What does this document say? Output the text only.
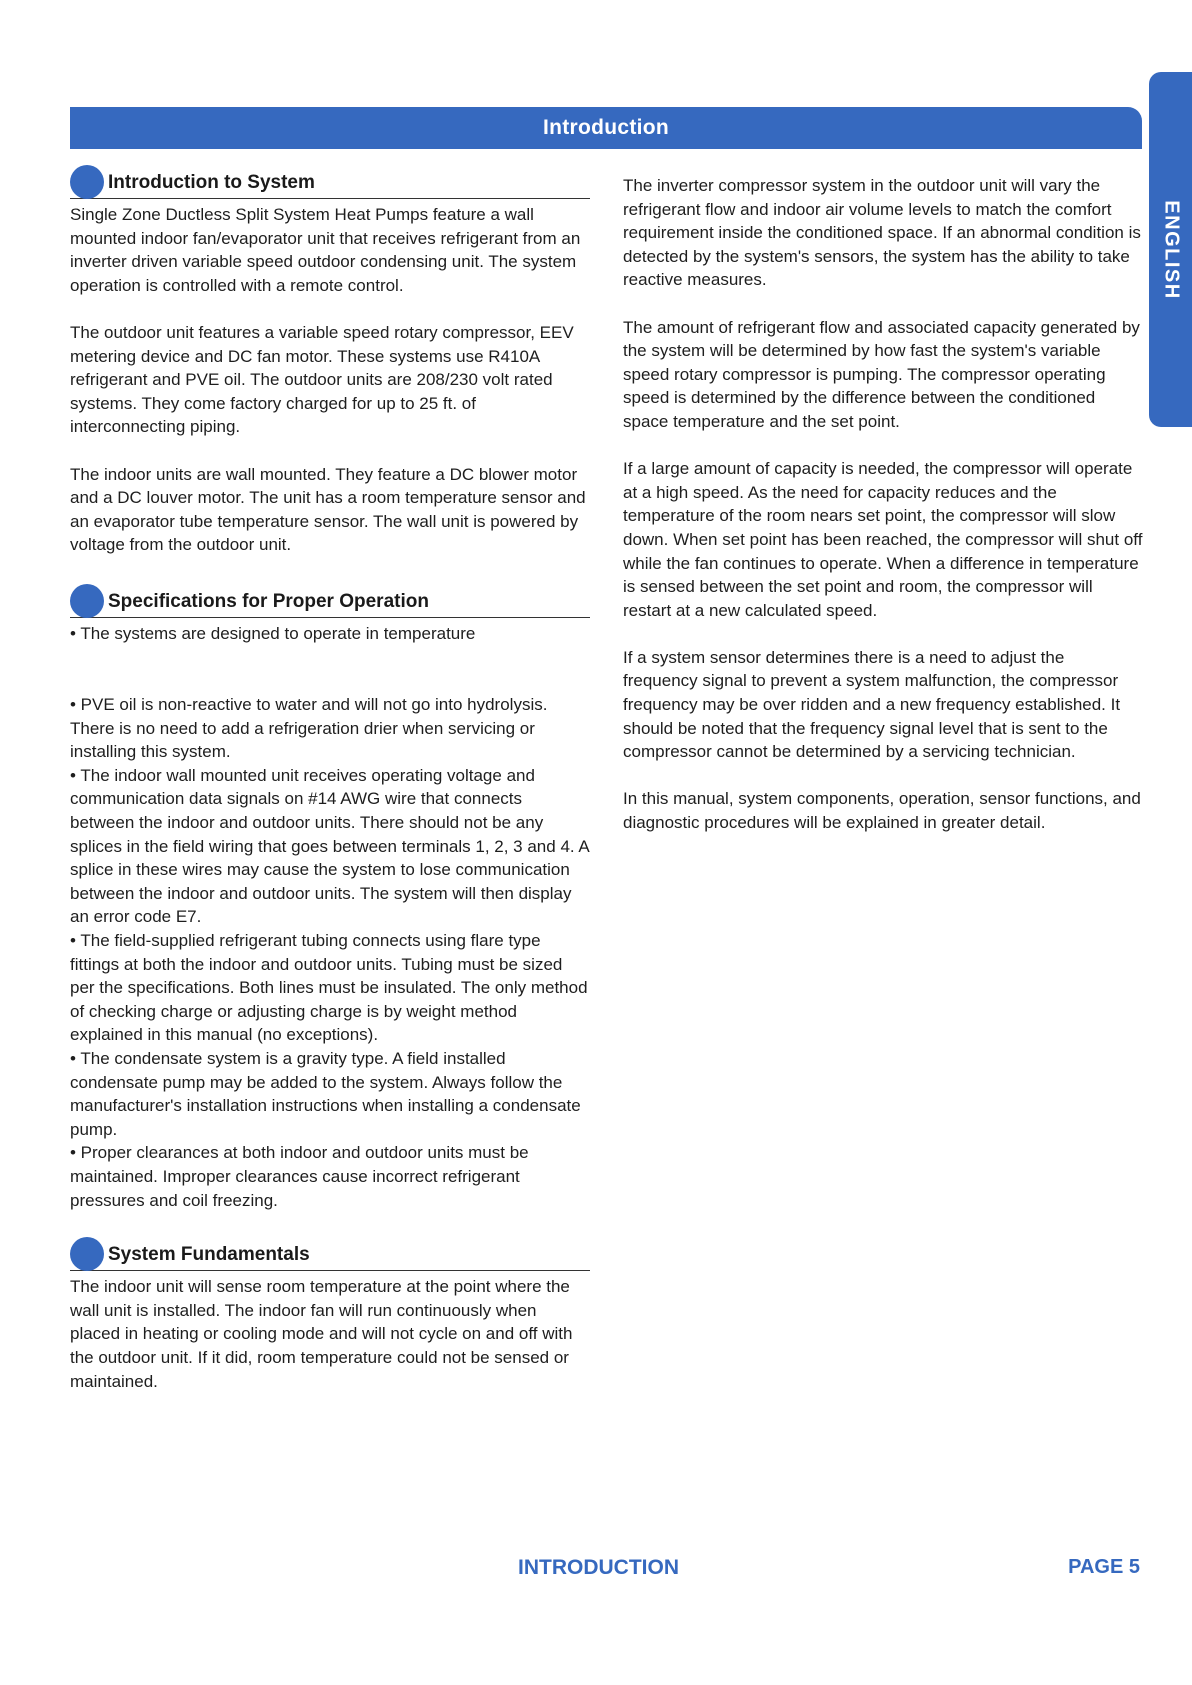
ENGLISH
Introduction
Introduction to System

Single Zone Ductless Split System Heat Pumps feature a wall mounted indoor fan/evaporator unit that receives refrigerant from an inverter driven variable speed outdoor condensing unit. The system operation is controlled with a remote control.

The outdoor unit features a variable speed rotary compressor, EEV metering device and DC fan motor. These systems use R410A refrigerant and PVE oil. The outdoor units are 208/230 volt rated systems. They come factory charged for up to 25 ft. of interconnecting piping.

The indoor units are wall mounted. They feature a DC blower motor and a DC louver motor. The unit has a room temperature sensor and an evaporator tube temperature sensor. The wall unit is powered by voltage from the outdoor unit.

Specifications for Proper Operation
• The systems are designed to operate in temperature
• PVE oil is non-reactive to water and will not go into hydrolysis. There is no need to add a refrigeration drier when servicing or installing this system.
• The indoor wall mounted unit receives operating voltage and communication data signals on #14 AWG wire that connects between the indoor and outdoor units. There should not be any splices in the field wiring that goes between terminals 1, 2, 3 and 4. A splice in these wires may cause the system to lose communication between the indoor and outdoor units. The system will then display an error code E7.
• The field-supplied refrigerant tubing connects using flare type fittings at both the indoor and outdoor units. Tubing must be sized per the specifications. Both lines must be insulated. The only method of checking charge or adjusting charge is by weight method explained in this manual (no exceptions).
• The condensate system is a gravity type. A field installed condensate pump may be added to the system. Always follow the manufacturer's installation instructions when installing a condensate pump.
• Proper clearances at both indoor and outdoor units must be maintained. Improper clearances cause incorrect refrigerant pressures and coil freezing.
System Fundamentals

The indoor unit will sense room temperature at the point where the wall unit is installed. The indoor fan will run continuously when placed in heating or cooling mode and will not cycle on and off with the outdoor unit. If it did, room temperature could not be sensed or maintained.

The inverter compressor system in the outdoor unit will vary the refrigerant flow and indoor air volume levels to match the comfort requirement inside the conditioned space. If an abnormal condition is detected by the system's sensors, the system has the ability to take reactive measures.

The amount of refrigerant flow and associated capacity generated by the system will be determined by how fast the system's variable speed rotary compressor is pumping. The compressor operating speed is determined by the difference between the conditioned space temperature and the set point.

If a large amount of capacity is needed, the compressor will operate at a high speed. As the need for capacity reduces and the temperature of the room nears set point, the compressor will slow down. When set point has been reached, the compressor will shut off while the fan continues to operate. When a difference in temperature is sensed between the set point and room, the compressor will restart at a new calculated speed.

If a system sensor determines there is a need to adjust the frequency signal to prevent a system malfunction, the compressor frequency may be over ridden and a new frequency established. It should be noted that the frequency signal level that is sent to the compressor cannot be determined by a servicing technician.

In this manual, system components, operation, sensor functions, and diagnostic procedures will be explained in greater detail.

INTRODUCTION	PAGE 5
